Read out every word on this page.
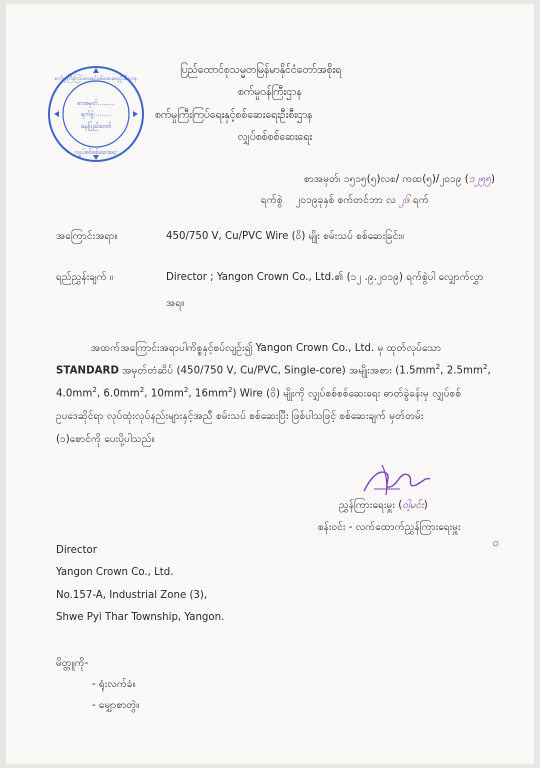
စာအမှတ်.........
ရက်စွဲ.........
နေပြည်တော်
စက်မှုကြီးကြပ်ရေးနှင့်စစ်ဆေးရေးဦးစီးဌာန
လျှပ်စစ်စစ်ဆေးရေး
ပြည်ထောင်စုသမ္မတမြန်မာနိုင်ငံတော်အစိုးရ
စက်မှုဝန်ကြီးဌာန
စက်မှုကြီးကြပ်ရေးနှင့်စစ်ဆေးရေးဦးစီးဌာန
လျှပ်စစ်စစ်ဆေးရေး
စာအမှတ်၊ ၁၅၁၅(၅)လစ/ ကထ(၅)/၂၀၁၉ (၁၂၅၅)
ရက်စွဲ ၂၀၁၉ခုနှစ် စက်တင်ဘာ လ ၂၆ ရက်
အကြောင်းအရာ။	450/750 V, Cu/PVC Wire (ဝိ) မျိုး စမ်းသပ် စစ်ဆေးခြင်း။
ရည်ညွှန်းချက် ။	Director ; Yangon Crown Co., Ltd.၏ (၁၂ .၉.၂၀၁၉) ရက်စွဲပါ လျှောက်လွှာ
အရ။
အထက်အကြောင်းအရာပါကိစ္စနှင့်စပ်လျဉ်း၍ Yangon Crown Co., Ltd. မှ ထုတ်လုပ်သော
STANDARD အမှတ်တံဆိပ် (450/750 V, Cu/PVC, Single-core) အမျိုးအစား ($1.5mm^2$, $2.5mm^2$,
$4.0mm^2$, $6.0mm^2$, $10mm^2$, $16mm^2$) Wire (ဝိ) မျိုးကို လျှပ်စစ်စစ်ဆေးရေး ဓာတ်ခွဲခန်းမှ လျှပ်စစ်
ဥပဒေဆိုင်ရာ လုပ်ထုံးလုပ်နည်းများနှင့်အညီ စမ်းသပ် စစ်ဆေးပြီး ဖြစ်ပါသဖြင့် စစ်ဆေးချက် မှတ်တမ်း
(၁)စောင်ကို ပေးပို့ပါသည်။
ညွှန်ကြားရေးမှူး (ဝါ့မင်း)
စန်းဝင်း - လက်ထောက်ညွှန်ကြားရေးမှူး
ဝ
Director
Yangon Crown Co., Ltd.
No.157-A, Industrial Zone (3),
Shwe Pyi Thar Township, Yangon.
မိတ္တူကို-
- ရုံးလက်ခံ။
- မျှောစာတွဲ။
